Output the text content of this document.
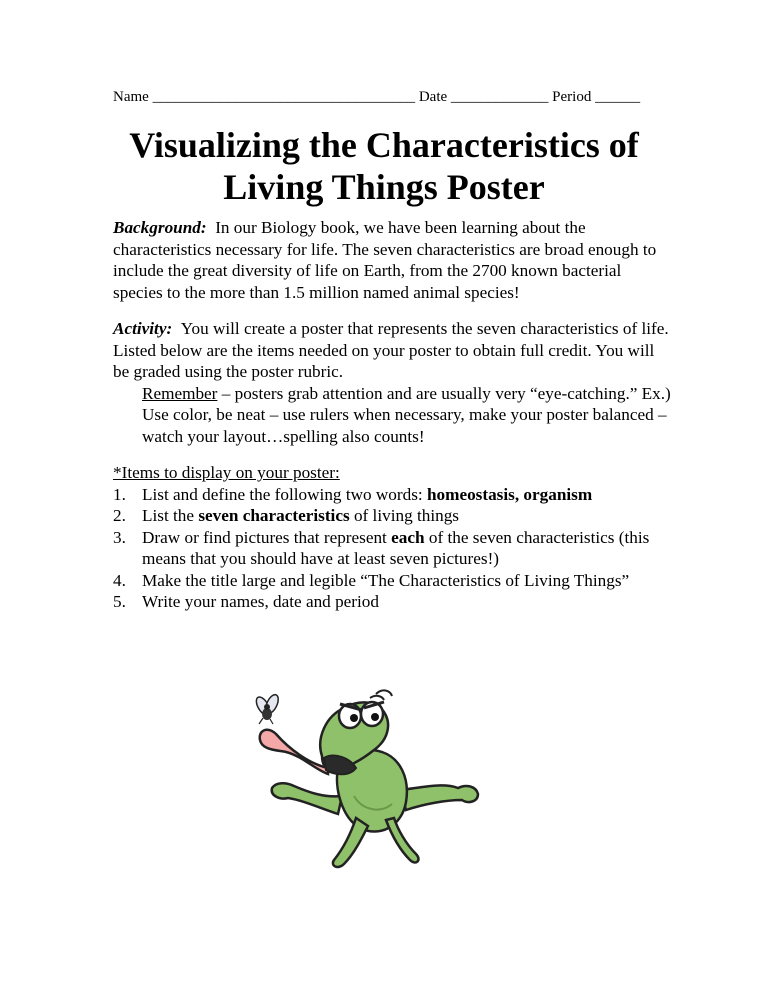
Name ___________________________________ Date _____________ Period ______
Visualizing the Characteristics of
Living Things Poster
Background: In our Biology book, we have been learning about the characteristics necessary for life. The seven characteristics are broad enough to include the great diversity of life on Earth, from the 2700 known bacterial species to the more than 1.5 million named animal species!
Activity: You will create a poster that represents the seven characteristics of life. Listed below are the items needed on your poster to obtain full credit. You will be graded using the poster rubric.
Remember – posters grab attention and are usually very “eye-catching.” Ex.) Use color, be neat – use rulers when necessary, make your poster balanced – watch your layout…spelling also counts!
*Items to display on your poster:
1. List and define the following two words: homeostasis, organism
2. List the seven characteristics of living things
3. Draw or find pictures that represent each of the seven characteristics (this means that you should have at least seven pictures!)
4. Make the title large and legible “The Characteristics of Living Things”
5. Write your names, date and period
